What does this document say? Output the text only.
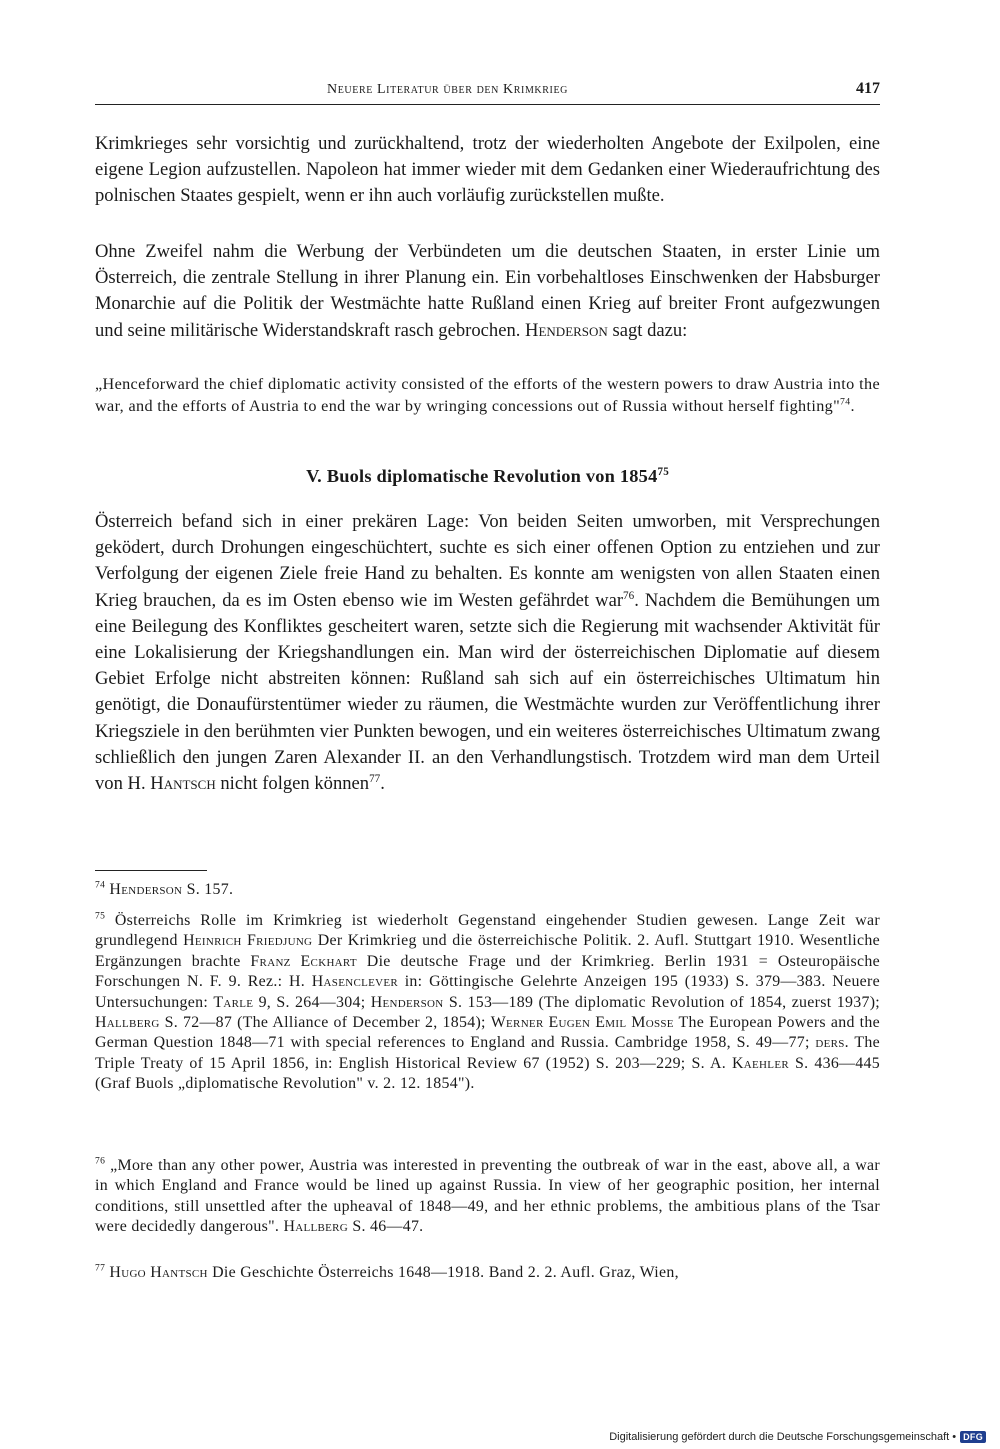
Neuere Literatur über den Krimkrieg	417

Krimkrieges sehr vorsichtig und zurückhaltend, trotz der wiederholten Angebote der Exilpolen, eine eigene Legion aufzustellen. Napoleon hat immer wieder mit dem Gedanken einer Wiederaufrichtung des polnischen Staates gespielt, wenn er ihn auch vorläufig zurückstellen mußte.

Ohne Zweifel nahm die Werbung der Verbündeten um die deutschen Staaten, in erster Linie um Österreich, die zentrale Stellung in ihrer Planung ein. Ein vorbehaltloses Einschwenken der Habsburger Monarchie auf die Politik der Westmächte hatte Rußland einen Krieg auf breiter Front aufgezwungen und seine militärische Widerstandskraft rasch gebrochen. Henderson sagt dazu:

„Henceforward the chief diplomatic activity consisted of the efforts of the western powers to draw Austria into the war, and the efforts of Austria to end the war by wringing concessions out of Russia without herself fighting"$^{74}$.
V. Buols diplomatische Revolution von 1854$^{75}$

Österreich befand sich in einer prekären Lage: Von beiden Seiten umworben, mit Versprechungen geködert, durch Drohungen eingeschüchtert, suchte es sich einer offenen Option zu entziehen und zur Verfolgung der eigenen Ziele freie Hand zu behalten. Es konnte am wenigsten von allen Staaten einen Krieg brauchen, da es im Osten ebenso wie im Westen gefährdet war$^{76}$. Nachdem die Bemühungen um eine Beilegung des Konfliktes gescheitert waren, setzte sich die Regierung mit wachsender Aktivität für eine Lokalisierung der Kriegshandlungen ein. Man wird der österreichischen Diplomatie auf diesem Gebiet Erfolge nicht abstreiten können: Rußland sah sich auf ein österreichisches Ultimatum hin genötigt, die Donaufürstentümer wieder zu räumen, die Westmächte wurden zur Veröffentlichung ihrer Kriegsziele in den berühmten vier Punkten bewogen, und ein weiteres österreichisches Ultimatum zwang schließlich den jungen Zaren Alexander II. an den Verhandlungstisch. Trotzdem wird man dem Urteil von H. Hantsch nicht folgen können$^{77}$.

$^{74}$ Henderson S. 157.
$^{75}$ Österreichs Rolle im Krimkrieg ist wiederholt Gegenstand eingehender Studien gewesen. Lange Zeit war grundlegend Heinrich Friedjung Der Krimkrieg und die österreichische Politik. 2. Aufl. Stuttgart 1910. Wesentliche Ergänzungen brachte Franz Eckhart Die deutsche Frage und der Krimkrieg. Berlin 1931 = Osteuropäische Forschungen N. F. 9. Rez.: H. Hasenclever in: Göttingische Gelehrte Anzeigen 195 (1933) S. 379—383. Neuere Untersuchungen: Tarle 9, S. 264—304; Henderson S. 153—189 (The diplomatic Revolution of 1854, zuerst 1937); Hallberg S. 72—87 (The Alliance of December 2, 1854); Werner Eugen Emil Mosse The European Powers and the German Question 1848—71 with special references to England and Russia. Cambridge 1958, S. 49—77; ders. The Triple Treaty of 15 April 1856, in: English Historical Review 67 (1952) S. 203—229; S. A. Kaehler S. 436—445 (Graf Buols „diplomatische Revolution" v. 2. 12. 1854").
$^{76}$ „More than any other power, Austria was interested in preventing the outbreak of war in the east, above all, a war in which England and France would be lined up against Russia. In view of her geographic position, her internal conditions, still unsettled after the upheaval of 1848—49, and her ethnic problems, the ambitious plans of the Tsar were decidedly dangerous". Hallberg S. 46—47.
$^{77}$ Hugo Hantsch Die Geschichte Österreichs 1648—1918. Band 2. 2. Aufl. Graz, Wien,
Digitalisierung gefördert durch die Deutsche Forschungsgemeinschaft • DFG
